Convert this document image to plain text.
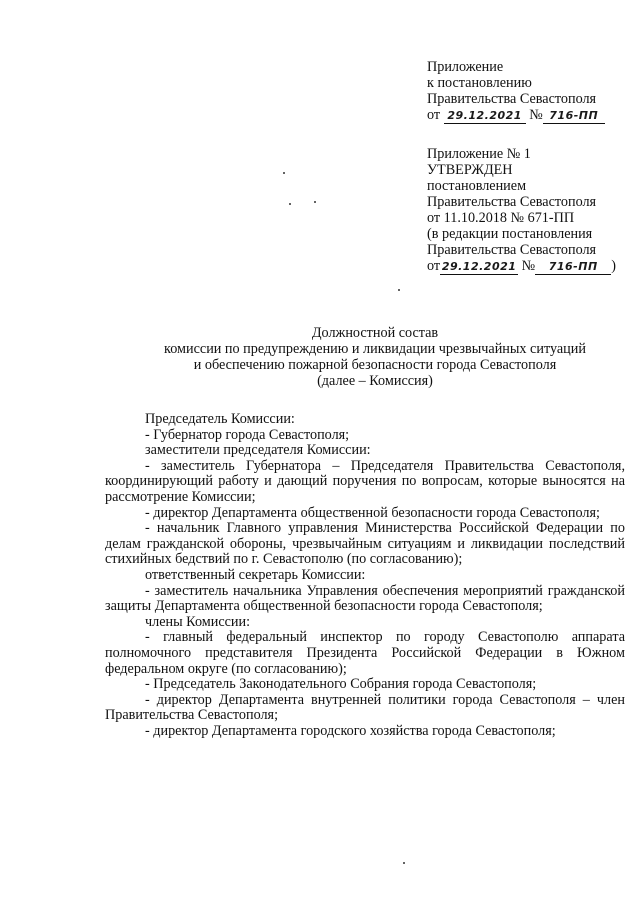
Приложение
к постановлению
Правительства Севастополя
от 29.12.2021 № 716-ПП
Приложение № 1
УТВЕРЖДЕН
постановлением
Правительства Севастополя
от 11.10.2018 № 671-ПП
(в редакции постановления
Правительства Севастополя
от 29.12.2021 № 716-ПП )
Должностной состав
комиссии по предупреждению и ликвидации чрезвычайных ситуаций
и обеспечению пожарной безопасности города Севастополя
(далее – Комиссия)

Председатель Комиссии:

- Губернатор города Севастополя;

заместители председателя Комиссии:

- заместитель Губернатора – Председателя Правительства Севастополя, координирующий работу и дающий поручения по вопросам, которые выносятся на рассмотрение Комиссии;

- директор Департамента общественной безопасности города Севастополя;

- начальник Главного управления Министерства Российской Федерации по делам гражданской обороны, чрезвычайным ситуациям и ликвидации последствий стихийных бедствий по г. Севастополю (по согласованию);

ответственный секретарь Комиссии:

- заместитель начальника Управления обеспечения мероприятий гражданской защиты Департамента общественной безопасности города Севастополя;

члены Комиссии:

- главный федеральный инспектор по городу Севастополю аппарата полномочного представителя Президента Российской Федерации в Южном федеральном округе (по согласованию);

- Председатель Законодательного Собрания города Севастополя;

- директор Департамента внутренней политики города Севастополя – член Правительства Севастополя;

- директор Департамента городского хозяйства города Севастополя;
